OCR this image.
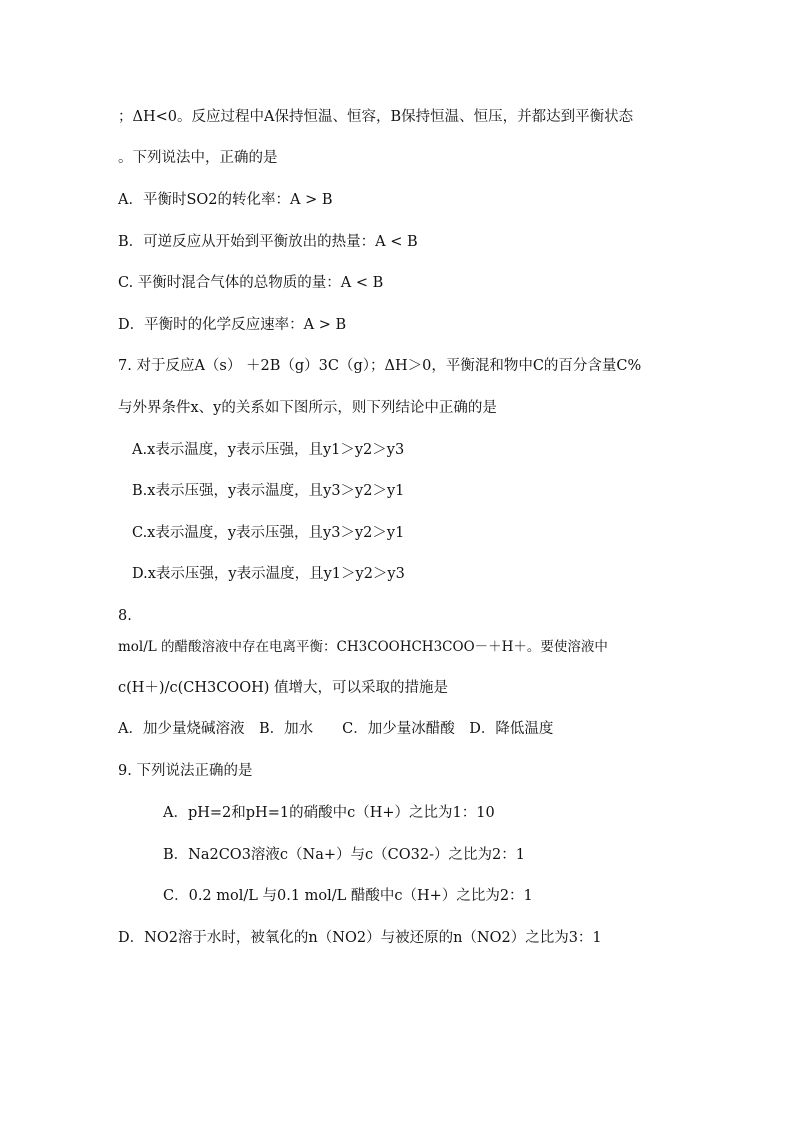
；ΔH<0。反应过程中A保持恒温、恒容，B保持恒温、恒压，并都达到平衡状态
。下列说法中，正确的是
A．平衡时SO2的转化率：A > B
B．可逆反应从开始到平衡放出的热量：A < B
C. 平衡时混合气体的总物质的量：A < B
D．平衡时的化学反应速率：A > B
7. 对于反应A（s） ＋2B（g）3C（g）；ΔH＞0，平衡混和物中C的百分含量C%
与外界条件x、y的关系如下图所示，则下列结论中正确的是
A.x表示温度，y表示压强，且y1＞y2＞y3
B.x表示压强，y表示温度，且y3＞y2＞y1
C.x表示温度，y表示压强，且y3＞y2＞y1
D.x表示压强，y表示温度，且y1＞y2＞y3
8.
mol/L 的醋酸溶液中存在电离平衡：CH3COOHCH3COO－＋H＋。要使溶液中
c(H＋)/c(CH3COOH) 值增大，可以采取的措施是
A．加少量烧碱溶液　B．加水　　C．加少量冰醋酸　D．降低温度
9. 下列说法正确的是
A．pH=2和pH=1的硝酸中c（H+）之比为1：10
B．Na2CO3溶液c（Na+）与c（CO32-）之比为2：1
C．0.2 mol/L 与0.1 mol/L 醋酸中c（H+）之比为2：1
D．NO2溶于水时，被氧化的n（NO2）与被还原的n（NO2）之比为3：1
